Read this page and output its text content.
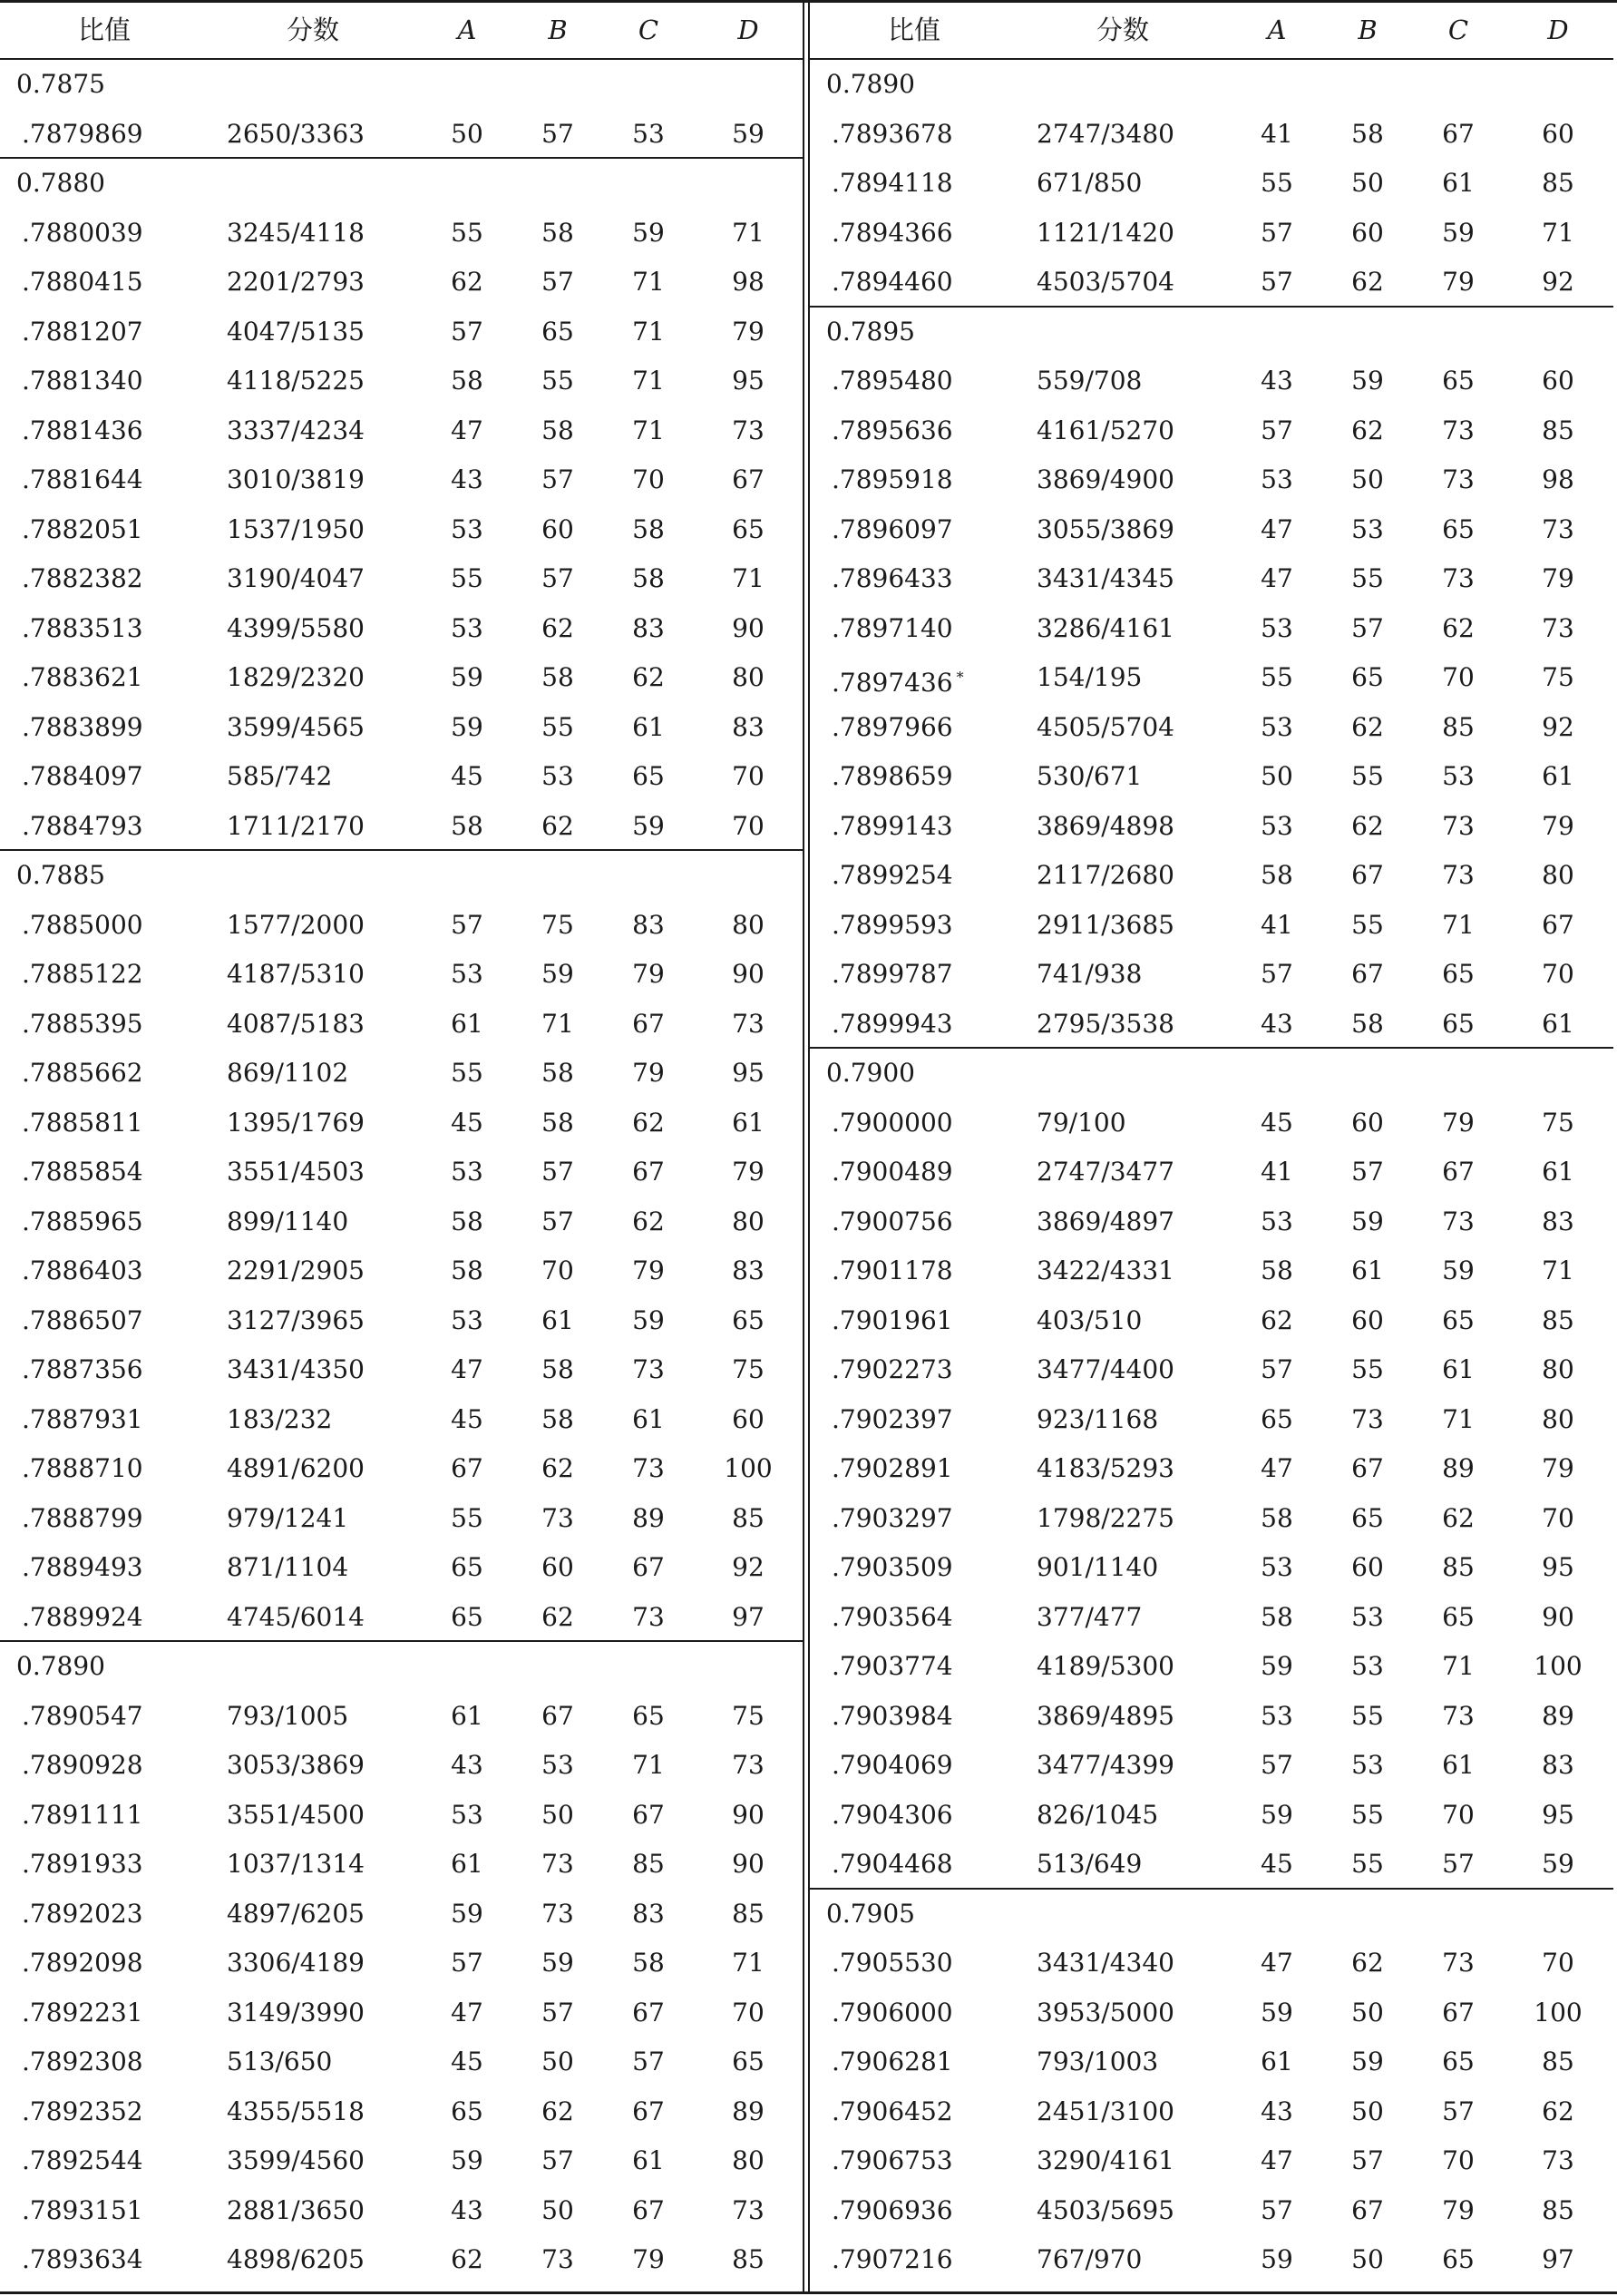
比值	分数	A	B	C	D
0.7875
.7879869	2650/3363	50	57	53	59
0.7880
.7880039	3245/4118	55	58	59	71
.7880415	2201/2793	62	57	71	98
.7881207	4047/5135	57	65	71	79
.7881340	4118/5225	58	55	71	95
.7881436	3337/4234	47	58	71	73
.7881644	3010/3819	43	57	70	67
.7882051	1537/1950	53	60	58	65
.7882382	3190/4047	55	57	58	71
.7883513	4399/5580	53	62	83	90
.7883621	1829/2320	59	58	62	80
.7883899	3599/4565	59	55	61	83
.7884097	585/742	45	53	65	70
.7884793	1711/2170	58	62	59	70
0.7885
.7885000	1577/2000	57	75	83	80
.7885122	4187/5310	53	59	79	90
.7885395	4087/5183	61	71	67	73
.7885662	869/1102	55	58	79	95
.7885811	1395/1769	45	58	62	61
.7885854	3551/4503	53	57	67	79
.7885965	899/1140	58	57	62	80
.7886403	2291/2905	58	70	79	83
.7886507	3127/3965	53	61	59	65
.7887356	3431/4350	47	58	73	75
.7887931	183/232	45	58	61	60
.7888710	4891/6200	67	62	73	100
.7888799	979/1241	55	73	89	85
.7889493	871/1104	65	60	67	92
.7889924	4745/6014	65	62	73	97
0.7890
.7890547	793/1005	61	67	65	75
.7890928	3053/3869	43	53	71	73
.7891111	3551/4500	53	50	67	90
.7891933	1037/1314	61	73	85	90
.7892023	4897/6205	59	73	83	85
.7892098	3306/4189	57	59	58	71
.7892231	3149/3990	47	57	67	70
.7892308	513/650	45	50	57	65
.7892352	4355/5518	65	62	67	89
.7892544	3599/4560	59	57	61	80
.7893151	2881/3650	43	50	67	73
.7893634	4898/6205	62	73	79	85
比值	分数	A	B	C	D
0.7890
.7893678	2747/3480	41	58	67	60
.7894118	671/850	55	50	61	85
.7894366	1121/1420	57	60	59	71
.7894460	4503/5704	57	62	79	92
0.7895
.7895480	559/708	43	59	65	60
.7895636	4161/5270	57	62	73	85
.7895918	3869/4900	53	50	73	98
.7896097	3055/3869	47	53	65	73
.7896433	3431/4345	47	55	73	79
.7897140	3286/4161	53	57	62	73
.7897436 *	154/195	55	65	70	75
.7897966	4505/5704	53	62	85	92
.7898659	530/671	50	55	53	61
.7899143	3869/4898	53	62	73	79
.7899254	2117/2680	58	67	73	80
.7899593	2911/3685	41	55	71	67
.7899787	741/938	57	67	65	70
.7899943	2795/3538	43	58	65	61
0.7900
.7900000	79/100	45	60	79	75
.7900489	2747/3477	41	57	67	61
.7900756	3869/4897	53	59	73	83
.7901178	3422/4331	58	61	59	71
.7901961	403/510	62	60	65	85
.7902273	3477/4400	57	55	61	80
.7902397	923/1168	65	73	71	80
.7902891	4183/5293	47	67	89	79
.7903297	1798/2275	58	65	62	70
.7903509	901/1140	53	60	85	95
.7903564	377/477	58	53	65	90
.7903774	4189/5300	59	53	71	100
.7903984	3869/4895	53	55	73	89
.7904069	3477/4399	57	53	61	83
.7904306	826/1045	59	55	70	95
.7904468	513/649	45	55	57	59
0.7905
.7905530	3431/4340	47	62	73	70
.7906000	3953/5000	59	50	67	100
.7906281	793/1003	61	59	65	85
.7906452	2451/3100	43	50	57	62
.7906753	3290/4161	47	57	70	73
.7906936	4503/5695	57	67	79	85
.7907216	767/970	59	50	65	97
